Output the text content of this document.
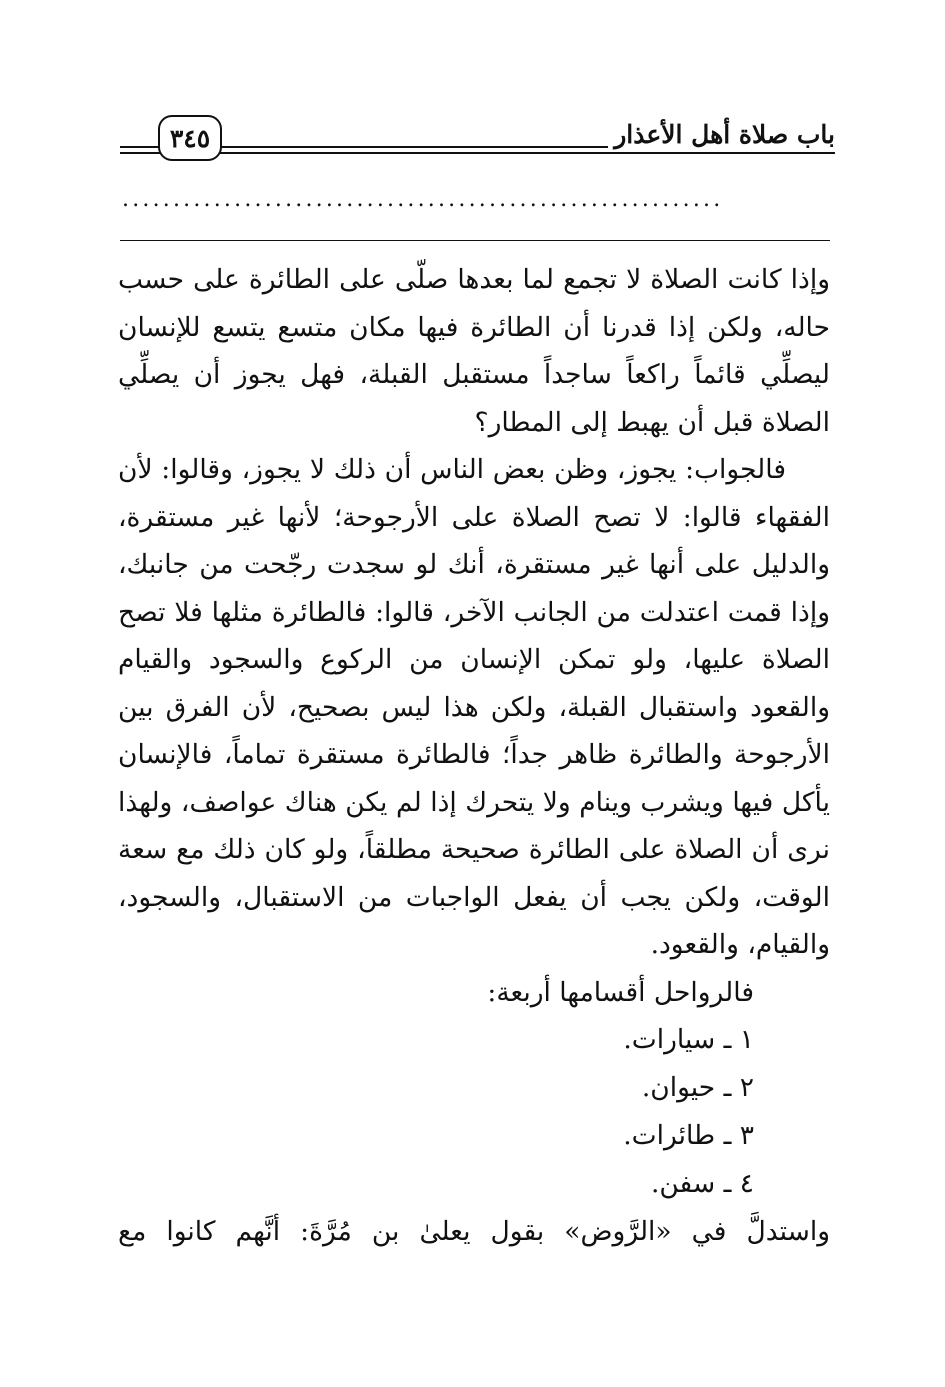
باب صلاة أهل الأعذار
٣٤٥
...........................................................

وإذا كانت الصلاة لا تجمع لما بعدها صلّى على الطائرة على حسب حاله، ولكن إذا قدرنا أن الطائرة فيها مكان متسع يتسع للإنسان ليصلِّي قائماً راكعاً ساجداً مستقبل القبلة، فهل يجوز أن يصلِّي الصلاة قبل أن يهبط إلى المطار؟

فالجواب: يجوز، وظن بعض الناس أن ذلك لا يجوز، وقالوا: لأن الفقهاء قالوا: لا تصح الصلاة على الأرجوحة؛ لأنها غير مستقرة، والدليل على أنها غير مستقرة، أنك لو سجدت رجّحت من جانبك، وإذا قمت اعتدلت من الجانب الآخر، قالوا: فالطائرة مثلها فلا تصح الصلاة عليها، ولو تمكن الإنسان من الركوع والسجود والقيام والقعود واستقبال القبلة، ولكن هذا ليس بصحيح، لأن الفرق بين الأرجوحة والطائرة ظاهر جداً؛ فالطائرة مستقرة تماماً، فالإنسان يأكل فيها ويشرب وينام ولا يتحرك إذا لم يكن هناك عواصف، ولهذا نرى أن الصلاة على الطائرة صحيحة مطلقاً، ولو كان ذلك مع سعة الوقت، ولكن يجب أن يفعل الواجبات من الاستقبال، والسجود، والقيام، والقعود.

فالرواحل أقسامها أربعة:

١ ـ سيارات.

٢ ـ حيوان.

٣ ـ طائرات.

٤ ـ سفن.

واستدلَّ في «الرَّوض» بقول يعلىٰ بن مُرَّةَ: أنَّهم كانوا مع
